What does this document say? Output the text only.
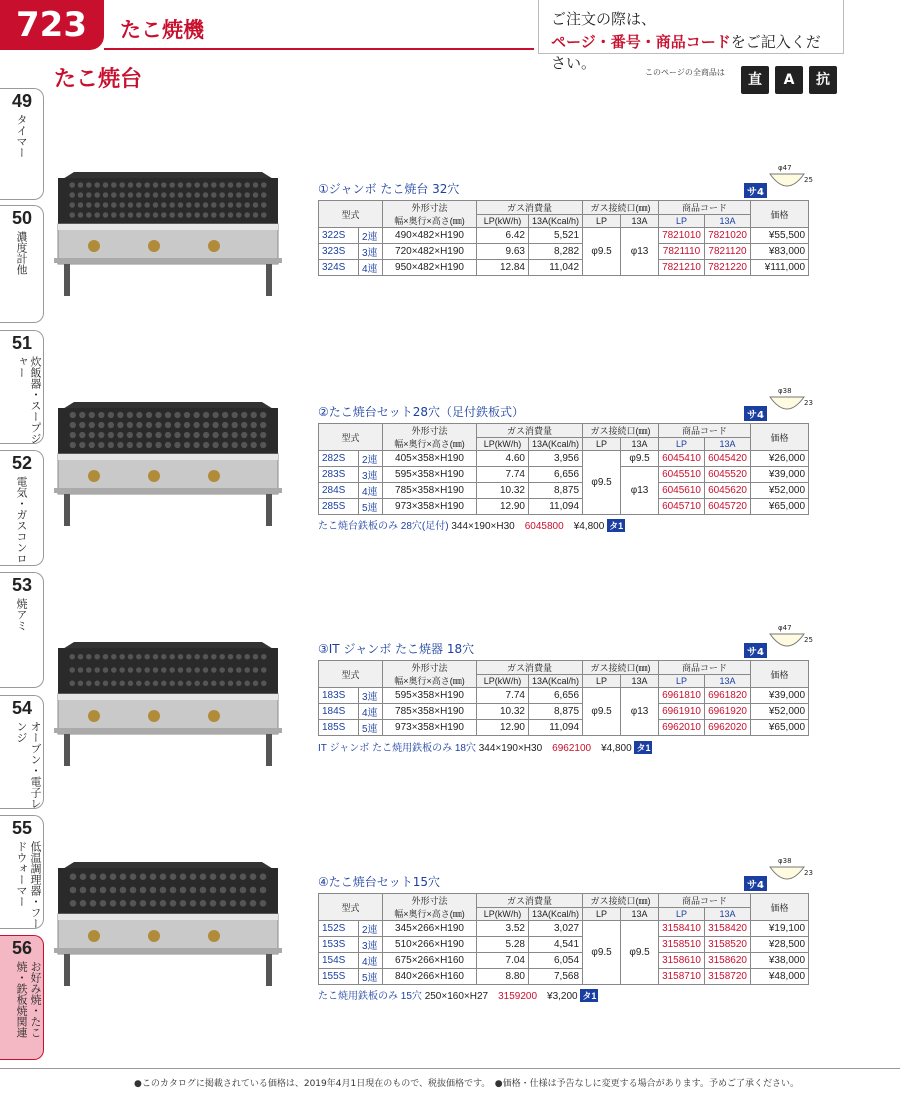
723	たこ焼機	ご注文の際は、
ページ・番号・商品コードをご記入ください。
たこ焼台	このページの全商品は	直	A	抗
49
タイマー
50
濃度計他
51
炊飯器・スープジャー
52
電気・ガスコンロ
53
焼アミ
54
オーブン・電子レンジ
55
低温調理器・フードウォーマー
56
お好み焼・たこ焼・鉄板焼関連
①ジャンボ たこ焼台 32穴	サ4
φ47
25
型式		外形寸法
幅×奥行×高さ(㎜)	ガス消費量		ガス接続口(㎜)		商品コード		価格
			LP(kW/h)	13A(Kcal/h)	LP	13A	LP	13A	
322S	2連	490×482×H190	6.42	5,521	φ9.5	φ13	7821010	7821020	¥55,500
323S	3連	720×482×H190	9.63	8,282			7821110	7821120	¥83,000
324S	4連	950×482×H190	12.84	11,042			7821210	7821220	¥111,000
②たこ焼台セット28穴（足付鉄板式）	サ4
φ38
23
型式		外形寸法
幅×奥行×高さ(㎜)	ガス消費量		ガス接続口(㎜)		商品コード		価格
			LP(kW/h)	13A(Kcal/h)	LP	13A	LP	13A	
282S	2連	405×358×H190	4.60	3,956	φ9.5	φ9.5	6045410	6045420	¥26,000
283S	3連	595×358×H190	7.74	6,656		φ13	6045510	6045520	¥39,000
284S	4連	785×358×H190	10.32	8,875			6045610	6045620	¥52,000
285S	5連	973×358×H190	12.90	11,094			6045710	6045720	¥65,000
たこ焼台鉄板のみ 28穴(足付) 344×190×H30　 6045800　 ¥4,800 タ1
③IT ジャンボ たこ焼器 18穴	サ4
φ47
25
型式		外形寸法
幅×奥行×高さ(㎜)	ガス消費量		ガス接続口(㎜)		商品コード		価格
			LP(kW/h)	13A(Kcal/h)	LP	13A	LP	13A	
183S	3連	595×358×H190	7.74	6,656	φ9.5	φ13	6961810	6961820	¥39,000
184S	4連	785×358×H190	10.32	8,875			6961910	6961920	¥52,000
185S	5連	973×358×H190	12.90	11,094			6962010	6962020	¥65,000
IT ジャンボ たこ焼用鉄板のみ 18穴 344×190×H30　 6962100　 ¥4,800 タ1
④たこ焼台セット15穴	サ4
φ38
23
型式		外形寸法
幅×奥行×高さ(㎜)	ガス消費量		ガス接続口(㎜)		商品コード		価格
			LP(kW/h)	13A(Kcal/h)	LP	13A	LP	13A	
152S	2連	345×266×H190	3.52	3,027	φ9.5	φ9.5	3158410	3158420	¥19,100
153S	3連	510×266×H190	5.28	4,541			3158510	3158520	¥28,500
154S	4連	675×266×H160	7.04	6,054			3158610	3158620	¥38,000
155S	5連	840×266×H160	8.80	7,568			3158710	3158720	¥48,000
たこ焼用鉄板のみ 15穴 250×160×H27　 3159200　 ¥3,200 タ1
●このカタログに掲載されている価格は、2019年4月1日現在のもので、税抜価格です。　●価格・仕様は予告なしに変更する場合があります。予めご了承ください。
